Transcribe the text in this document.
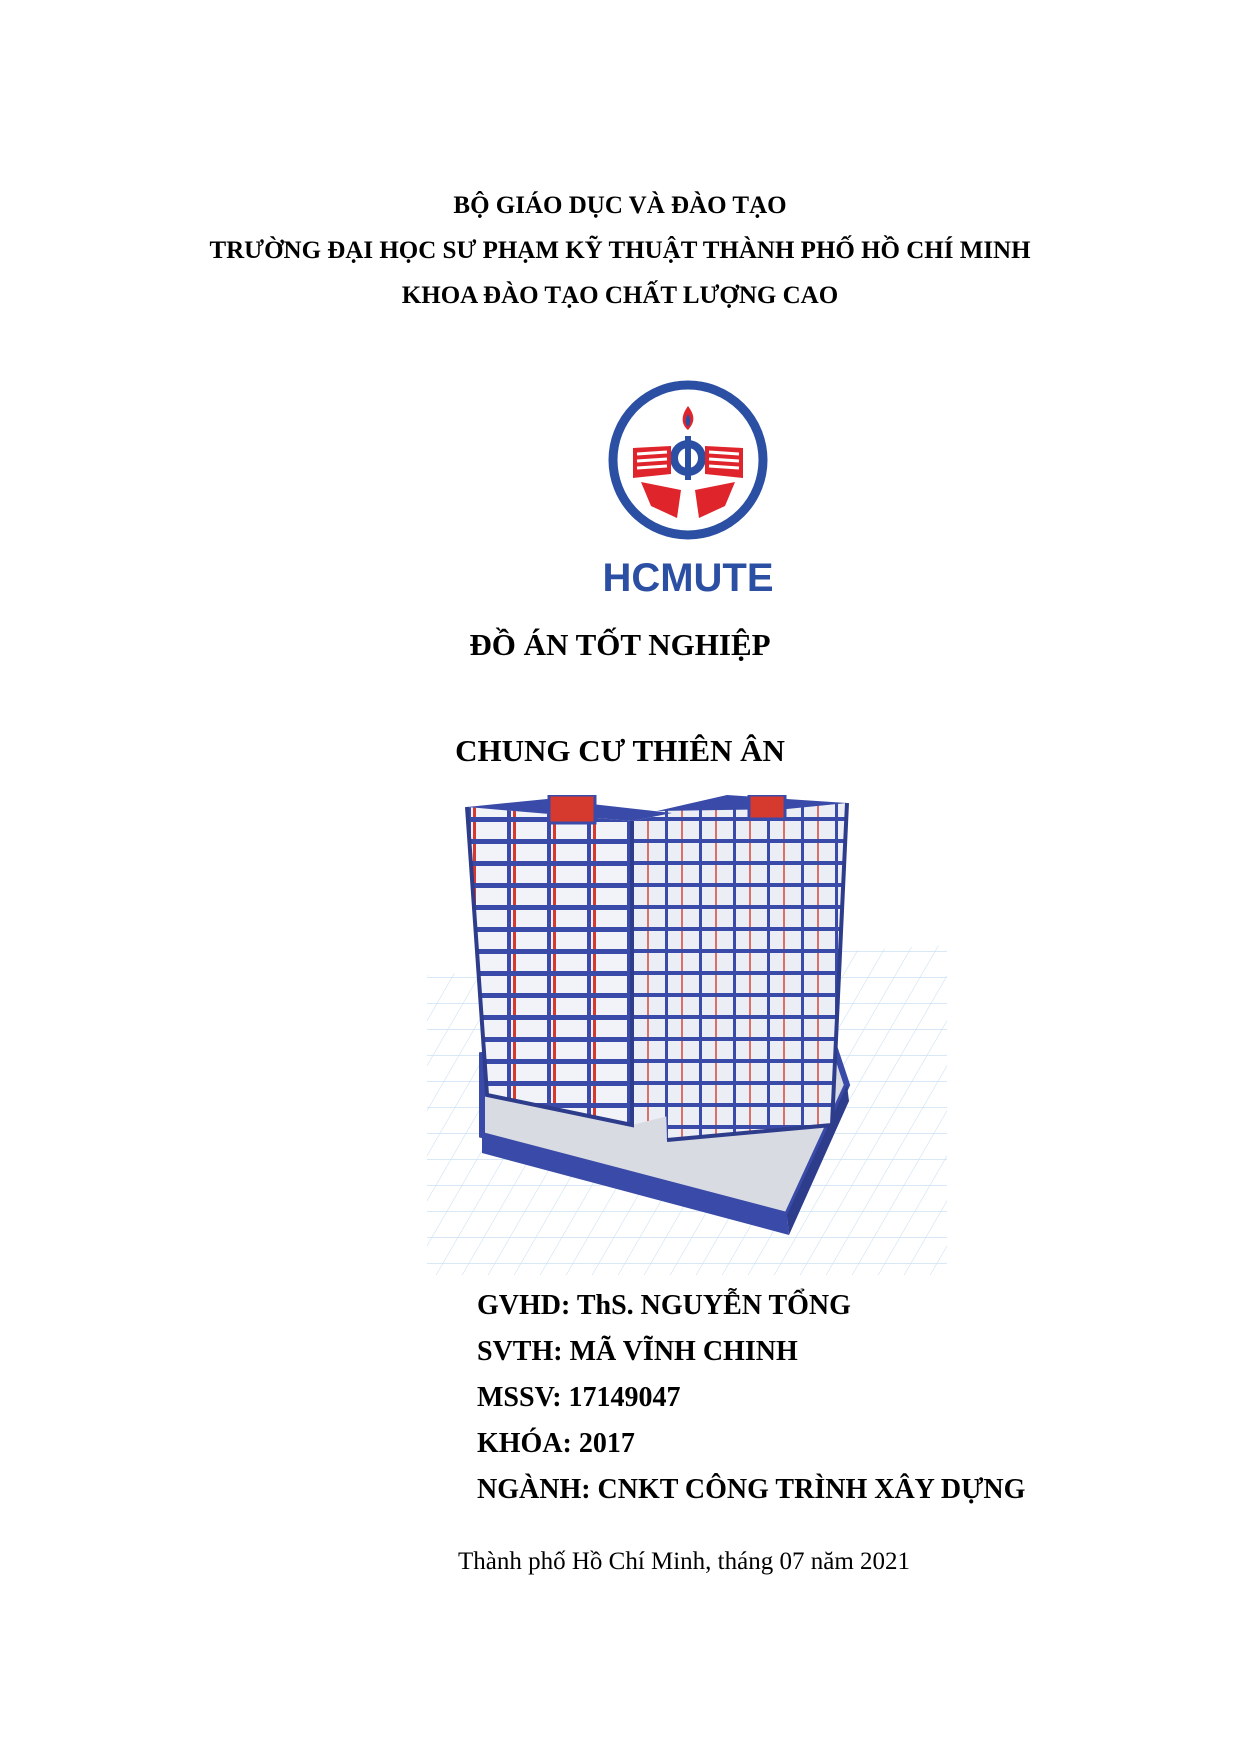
BỘ GIÁO DỤC VÀ ĐÀO TẠO
TRƯỜNG ĐẠI HỌC SƯ PHẠM KỸ THUẬT THÀNH PHỐ HỒ CHÍ MINH
KHOA ĐÀO TẠO CHẤT LƯỢNG CAO
HCMUTE
ĐỒ ÁN TỐT NGHIỆP
CHUNG CƯ THIÊN ÂN
GVHD: ThS. NGUYỄN TỔNG
SVTH: MÃ VĨNH CHINH
MSSV: 17149047
KHÓA: 2017
NGÀNH: CNKT CÔNG TRÌNH XÂY DỰNG
Thành phố Hồ Chí Minh, tháng 07 năm 2021
